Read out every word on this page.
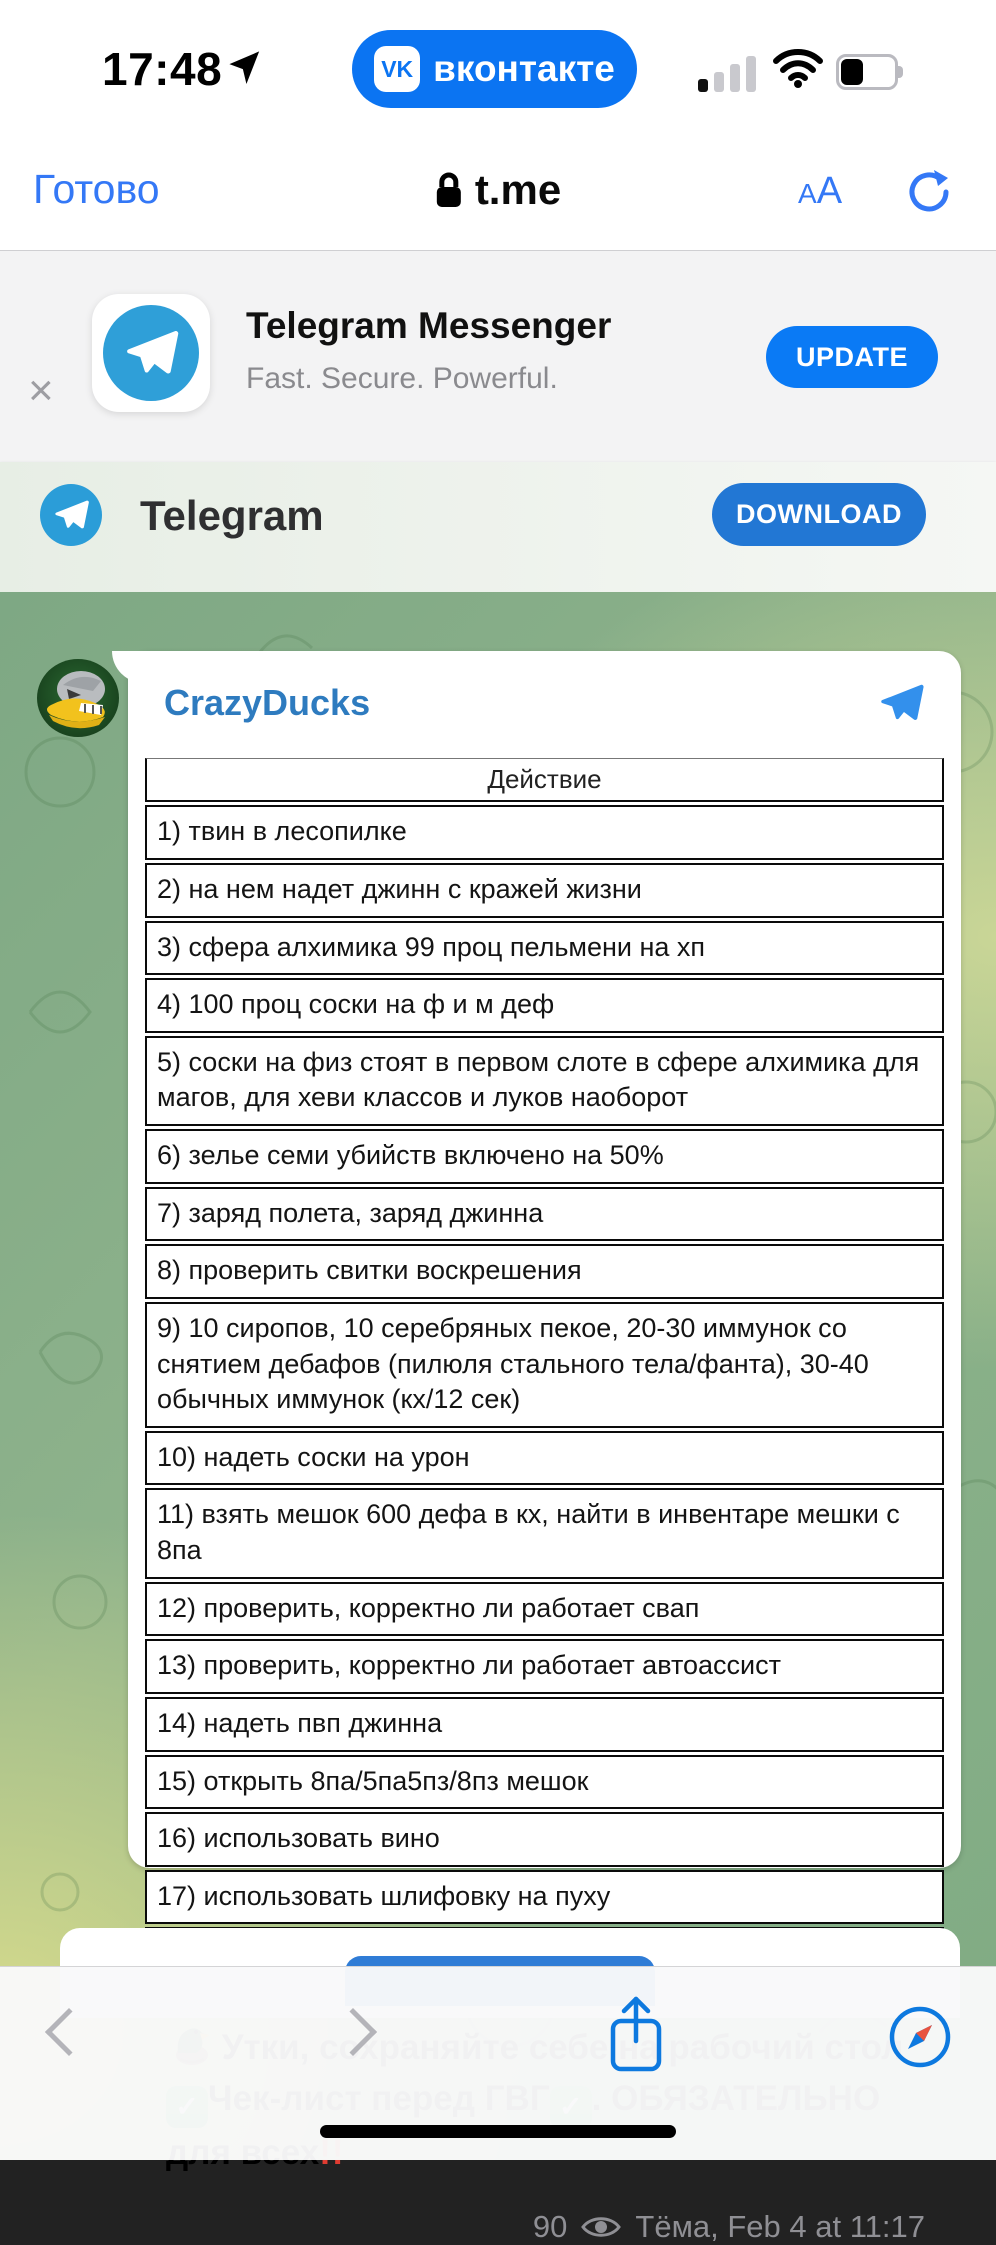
17:48	VK вконтакте
Готово	t.me	AA
×
Telegram Messenger
Fast. Secure. Powerful.
UPDATE
Telegram	DOWNLOAD
CrazyDucks
Действие
1) твин в лесопилке
2) на нем надет джинн с кражей жизни
3) сфера алхимика 99 проц пельмени на хп
4) 100 проц соски на ф и м деф
5) соски на физ стоят в первом слоте в сфере алхимика для магов, для хеви классов и луков наоборот
6) зелье семи убийств включено на 50%
7) заряд полета, заряд джинна
8) проверить свитки воскрешения
9) 10 сиропов, 10 серебряных пекое, 20-30 иммунок со снятием дебафов (пилюля стального тела/фанта), 30-40 обычных иммунок (кх/12 сек)
10) надеть соски на урон
11) взять мешок 600 дефа в кх, найти в инвентаре мешки с 8па
12) проверить, корректно ли работает свап
13) проверить, корректно ли работает автоассист
14) надеть пвп джинна
15) открыть 8па/5па5пз/8пз мешок
16) использовать вино
17) использовать шлифовку на пуху

90 Тёма, Feb 4 at 11:17
